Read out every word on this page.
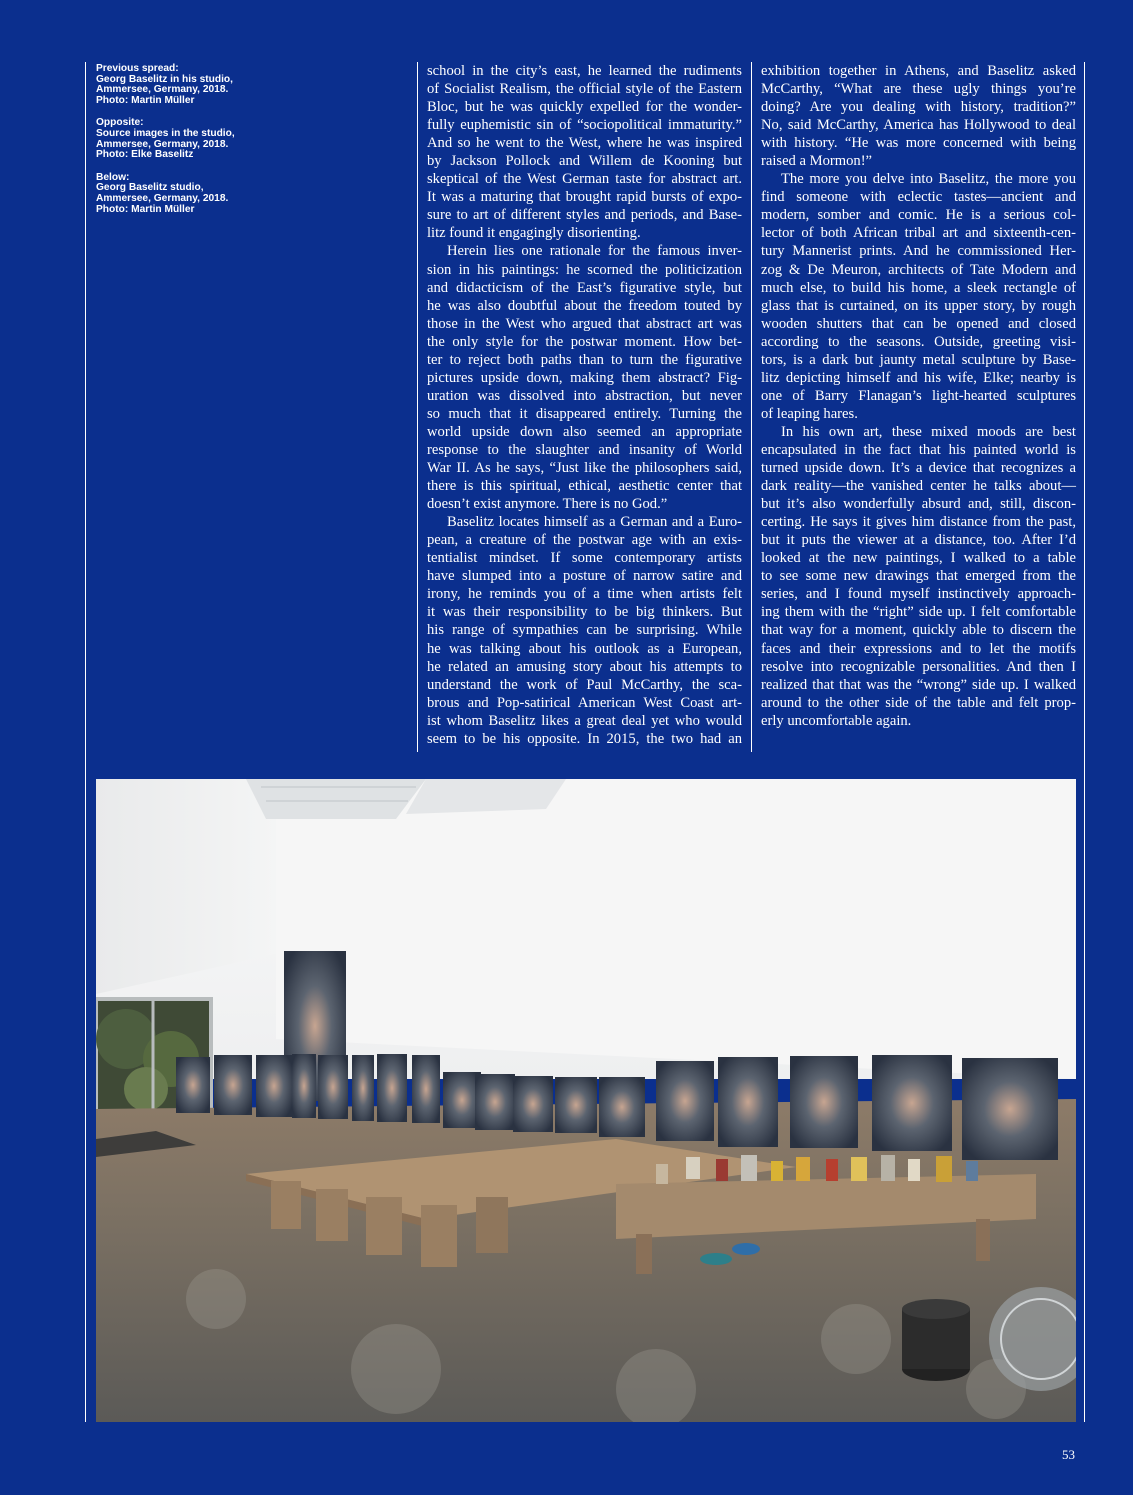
Previous spread:
Georg Baselitz in his studio,
Ammersee, Germany, 2018.
Photo: Martin Müller
Opposite:
Source images in the studio,
Ammersee, Germany, 2018.
Photo: Elke Baselitz
Below:
Georg Baselitz studio,
Ammersee, Germany, 2018.
Photo: Martin Müller
school in the city’s east, he learned the rudiments
of Socialist Realism, the official style of the Eastern
Bloc, but he was quickly expelled for the wonder-
fully euphemistic sin of “sociopolitical immaturity.”
And so he went to the West, where he was inspired
by Jackson Pollock and Willem de Kooning but
skeptical of the West German taste for abstract art.
It was a maturing that brought rapid bursts of expo-
sure to art of different styles and periods, and Base-
litz found it engagingly disorienting.
Herein lies one rationale for the famous inver-
sion in his paintings: he scorned the politicization
and didacticism of the East’s figurative style, but
he was also doubtful about the freedom touted by
those in the West who argued that abstract art was
the only style for the postwar moment. How bet-
ter to reject both paths than to turn the figurative
pictures upside down, making them abstract? Fig-
uration was dissolved into abstraction, but never
so much that it disappeared entirely. Turning the
world upside down also seemed an appropriate
response to the slaughter and insanity of World
War II. As he says, “Just like the philosophers said,
there is this spiritual, ethical, aesthetic center that
doesn’t exist anymore. There is no God.”
Baselitz locates himself as a German and a Euro-
pean, a creature of the postwar age with an exis-
tentialist mindset. If some contemporary artists
have slumped into a posture of narrow satire and
irony, he reminds you of a time when artists felt
it was their responsibility to be big thinkers. But
his range of sympathies can be surprising. While
he was talking about his outlook as a European,
he related an amusing story about his attempts to
understand the work of Paul McCarthy, the sca-
brous and Pop-satirical American West Coast art-
ist whom Baselitz likes a great deal yet who would
seem to be his opposite. In 2015, the two had an
exhibition together in Athens, and Baselitz asked
McCarthy, “What are these ugly things you’re
doing? Are you dealing with history, tradition?”
No, said McCarthy, America has Hollywood to deal
with history. “He was more concerned with being
raised a Mormon!”
The more you delve into Baselitz, the more you
find someone with eclectic tastes—ancient and
modern, somber and comic. He is a serious col-
lector of both African tribal art and sixteenth-cen-
tury Mannerist prints. And he commissioned Her-
zog & De Meuron, architects of Tate Modern and
much else, to build his home, a sleek rectangle of
glass that is curtained, on its upper story, by rough
wooden shutters that can be opened and closed
according to the seasons. Outside, greeting visi-
tors, is a dark but jaunty metal sculpture by Base-
litz depicting himself and his wife, Elke; nearby is
one of Barry Flanagan’s light-hearted sculptures
of leaping hares.
In his own art, these mixed moods are best
encapsulated in the fact that his painted world is
turned upside down. It’s a device that recognizes a
dark reality—the vanished center he talks about—
but it’s also wonderfully absurd and, still, discon-
certing. He says it gives him distance from the past,
but it puts the viewer at a distance, too. After I’d
looked at the new paintings, I walked to a table
to see some new drawings that emerged from the
series, and I found myself instinctively approach-
ing them with the “right” side up. I felt comfortable
that way for a moment, quickly able to discern the
faces and their expressions and to let the motifs
resolve into recognizable personalities. And then I
realized that that was the “wrong” side up. I walked
around to the other side of the table and felt prop-
erly uncomfortable again.
53
